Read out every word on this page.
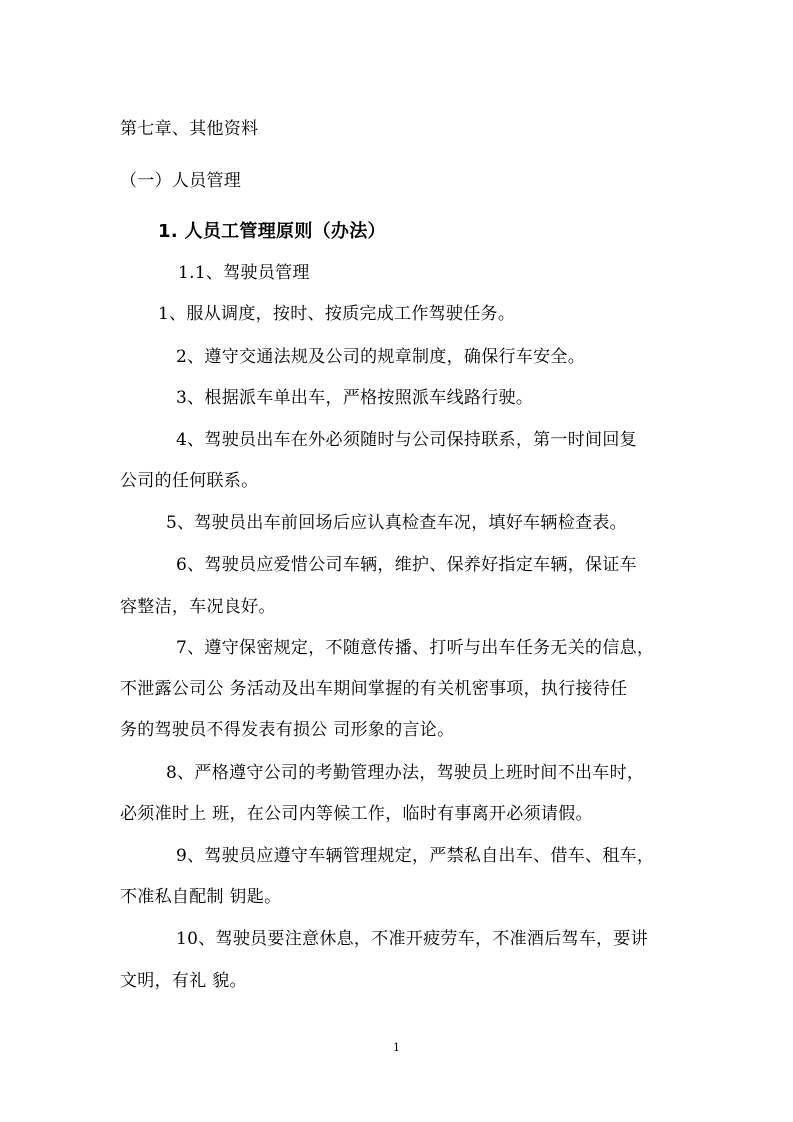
第七章、其他资料
（一）人员管理
1. 人员工管理原则（办法）
1.1、驾驶员管理
1、服从调度，按时、按质完成工作驾驶任务。
2、遵守交通法规及公司的规章制度，确保行车安全。
3、根据派车单出车，严格按照派车线路行驶。
4、驾驶员出车在外必须随时与公司保持联系，第一时间回复
公司的任何联系。
5、驾驶员出车前回场后应认真检查车况，填好车辆检查表。
6、驾驶员应爱惜公司车辆，维护、保养好指定车辆，保证车
容整洁，车况良好。
7、遵守保密规定，不随意传播、打听与出车任务无关的信息，
不泄露公司公 务活动及出车期间掌握的有关机密事项，执行接待任
务的驾驶员不得发表有损公 司形象的言论。
8、严格遵守公司的考勤管理办法，驾驶员上班时间不出车时，
必须准时上 班，在公司内等候工作，临时有事离开必须请假。
9、驾驶员应遵守车辆管理规定，严禁私自出车、借车、租车，
不准私自配制 钥匙。
10、驾驶员要注意休息，不准开疲劳车，不准酒后驾车，要讲
文明，有礼 貌。
1
